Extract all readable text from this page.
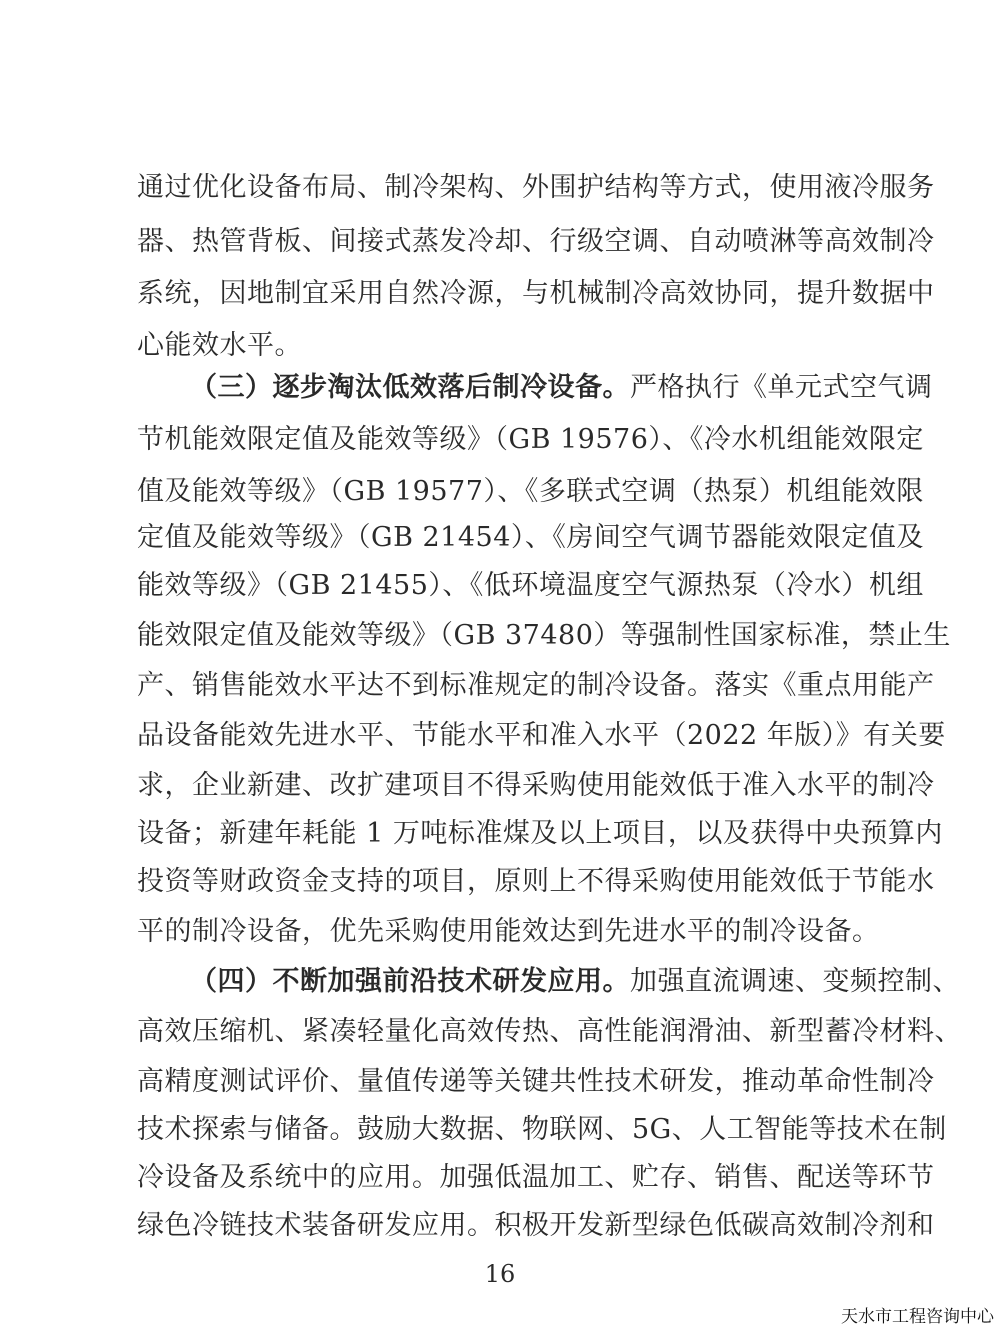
通过优化设备布局、制冷架构、外围护结构等方式，使用液冷服务
器、热管背板、间接式蒸发冷却、行级空调、自动喷淋等高效制冷
系统，因地制宜采用自然冷源，与机械制冷高效协同，提升数据中
心能效水平。
（三）逐步淘汰低效落后制冷设备。严格执行《单元式空气调
节机能效限定值及能效等级》（GB 19576）、《冷水机组能效限定
值及能效等级》（GB 19577）、《多联式空调（热泵）机组能效限
定值及能效等级》（GB 21454）、《房间空气调节器能效限定值及
能效等级》（GB 21455）、《低环境温度空气源热泵（冷水）机组
能效限定值及能效等级》（GB 37480）等强制性国家标准，禁止生
产、销售能效水平达不到标准规定的制冷设备。落实《重点用能产
品设备能效先进水平、节能水平和准入水平（2022 年版）》有关要
求，企业新建、改扩建项目不得采购使用能效低于准入水平的制冷
设备；新建年耗能 1 万吨标准煤及以上项目，以及获得中央预算内
投资等财政资金支持的项目，原则上不得采购使用能效低于节能水
平的制冷设备，优先采购使用能效达到先进水平的制冷设备。
（四）不断加强前沿技术研发应用。加强直流调速、变频控制、
高效压缩机、紧凑轻量化高效传热、高性能润滑油、新型蓄冷材料、
高精度测试评价、量值传递等关键共性技术研发，推动革命性制冷
技术探索与储备。鼓励大数据、物联网、5G、人工智能等技术在制
冷设备及系统中的应用。加强低温加工、贮存、销售、配送等环节
绿色冷链技术装备研发应用。积极开发新型绿色低碳高效制冷剂和
16
天水市工程咨询中心
